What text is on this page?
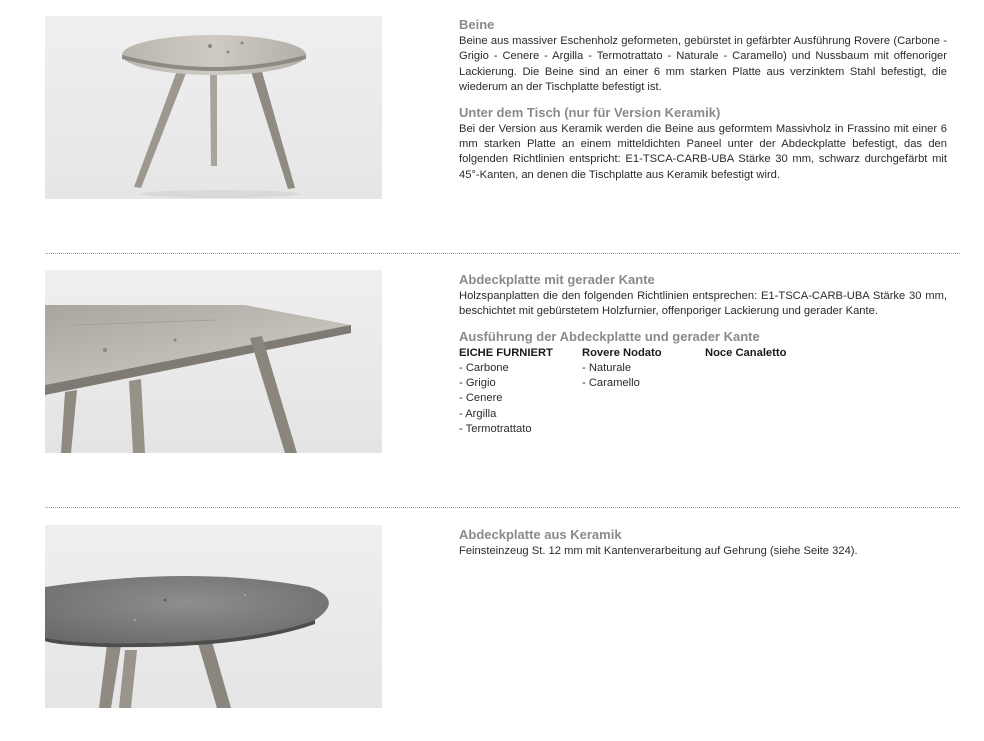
Beine

Beine aus massiver Eschenholz geformeten, gebürstet in gefärbter Ausführung Rovere (Carbone - Grigio - Cenere - Argilla - Termotrattato - Naturale - Caramello) und Nussbaum mit offenoriger Lackierung. Die Beine sind an einer 6 mm starken Platte aus verzinktem Stahl befestigt, die wiederum an der Tischplatte befestigt ist.

Unter dem Tisch (nur für Version Keramik)

Bei der Version aus Keramik werden die Beine aus geformtem Massivholz in Frassino mit einer 6 mm starken Platte an einem mitteldichten Paneel unter der Abdeckplatte befestigt, das den folgenden Richtlinien entspricht: E1-TSCA-CARB-UBA Stärke 30 mm, schwarz durchgefärbt mit 45°-Kanten, an denen die Tischplatte aus Keramik befestigt wird.

Abdeckplatte mit gerader Kante

Holzspanplatten die den folgenden Richtlinien entsprechen: E1-TSCA-CARB-UBA Stärke 30 mm, beschichtet mit gebürstetem Holzfurnier, offenporiger Lackierung und gerader Kante.

Ausführung der Abdeckplatte und gerader Kante
EICHE FURNIERT
- Carbone
- Grigio
- Cenere
- Argilla
- Termotrattato
Rovere Nodato
- Naturale
- Caramello
Noce Canaletto
Abdeckplatte aus Keramik

Feinsteinzeug St. 12 mm mit Kantenverarbeitung auf Gehrung (siehe Seite 324).
